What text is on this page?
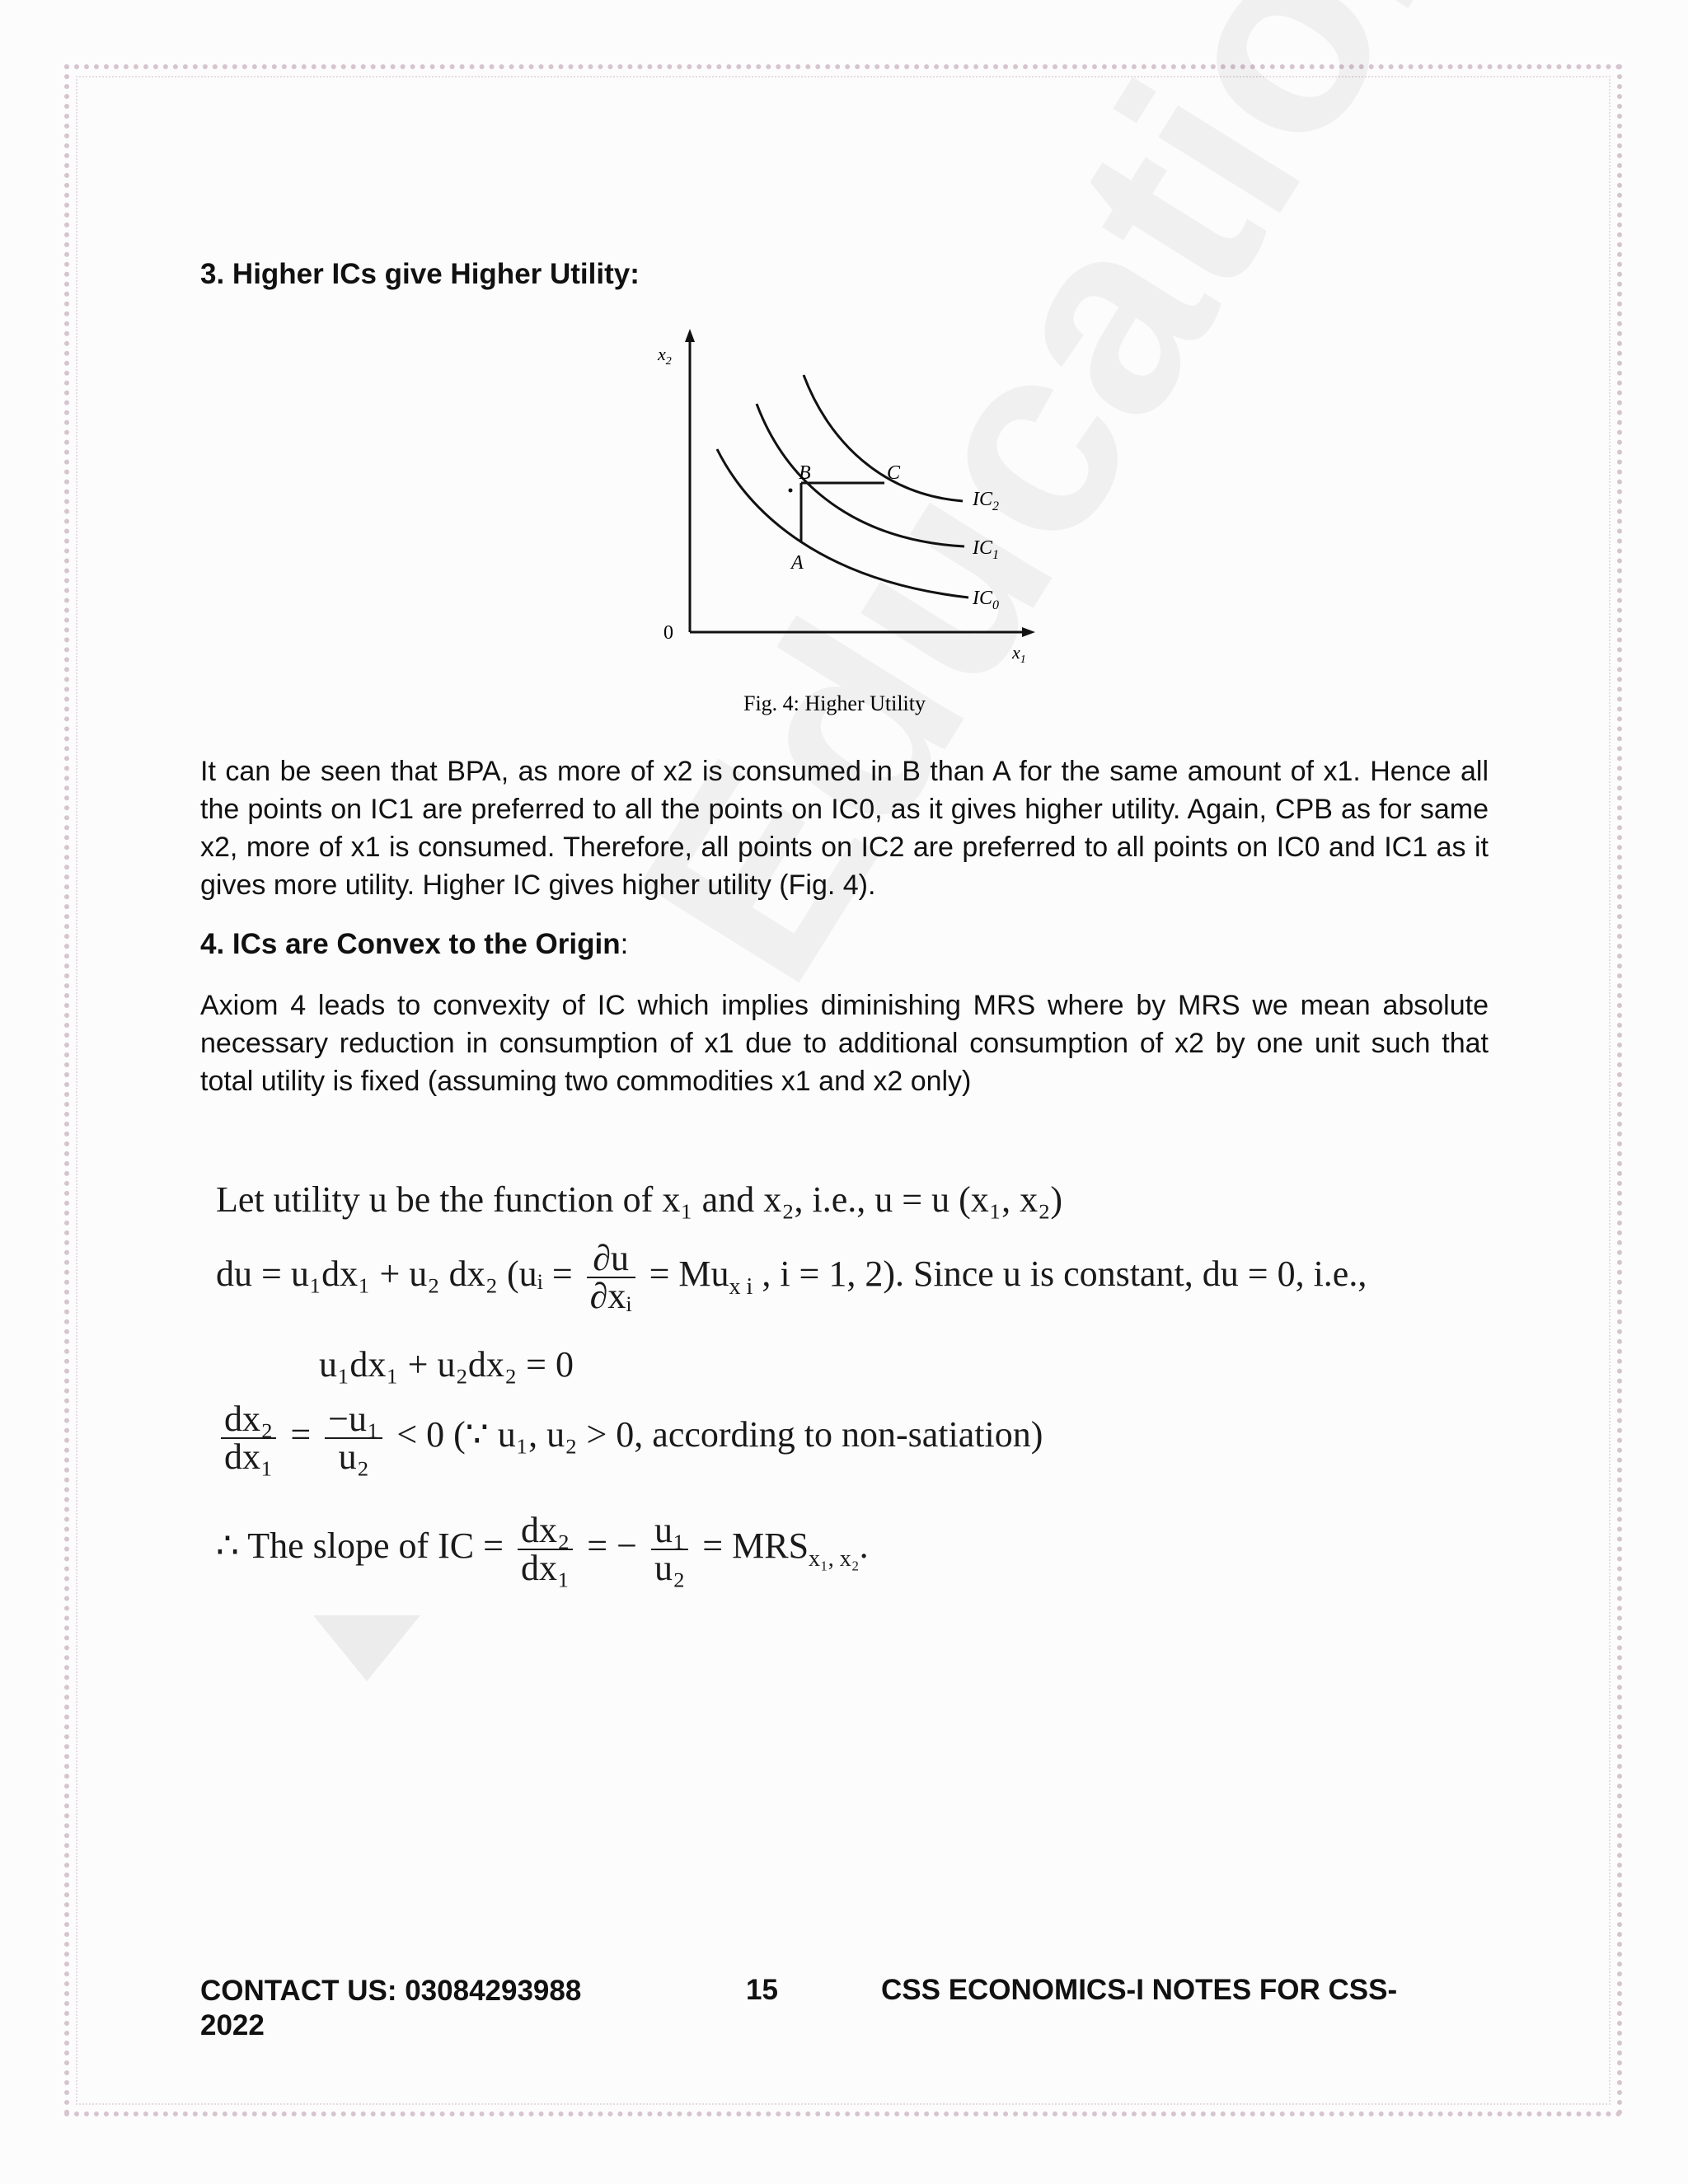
3. Higher ICs give Higher Utility:
$x_2$
$x_1$
0
A
B	C
$IC_2$
$IC_1$
$IC_0$
Fig. 4: Higher Utility
It can be seen that BPA, as more of x2 is consumed in B than A for the same amount of x1. Hence all the points on IC1 are preferred to all the points on IC0, as it gives higher utility. Again, CPB as for same x2, more of x1 is consumed. Therefore, all points on IC2 are preferred to all points on IC0 and IC1 as it gives more utility. Higher IC gives higher utility (Fig. 4).
4. ICs are Convex to the Origin:
Axiom 4 leads to convexity of IC which implies diminishing MRS where by MRS we mean absolute necessary reduction in consumption of x1 due to additional consumption of x2 by one unit such that total utility is fixed (assuming two commodities x1 and x2 only)
Let utility u be the function of x₁ and x₂, i.e., u = u (x₁, x₂)
du = u₁dx₁ + u₂ dx₂ (uᵢ = $\frac{\partial u}{\text{∂xᵢ}} = Mu_{x i}$ , i = 1, 2). Since u is constant, du = 0, i.e.,
u₁dx₁ + u₂dx₂ = 0
$\frac{\text{dx₂}}{\text{dx₁}} = \frac{\text{−u₁}}{\text{u₂}} < 0$ (∵ u₁, u₂ > 0, according to non-satiation)
∴ The slope of IC = $\frac{\text{dx₂}}{\text{dx₁}}$ = − $\frac{\text{u₁}}{\text{u₂}} = MRS_{x_1, x_2}$.
CONTACT US: 03084293988
2022
15	CSS ECONOMICS-I NOTES FOR CSS-
